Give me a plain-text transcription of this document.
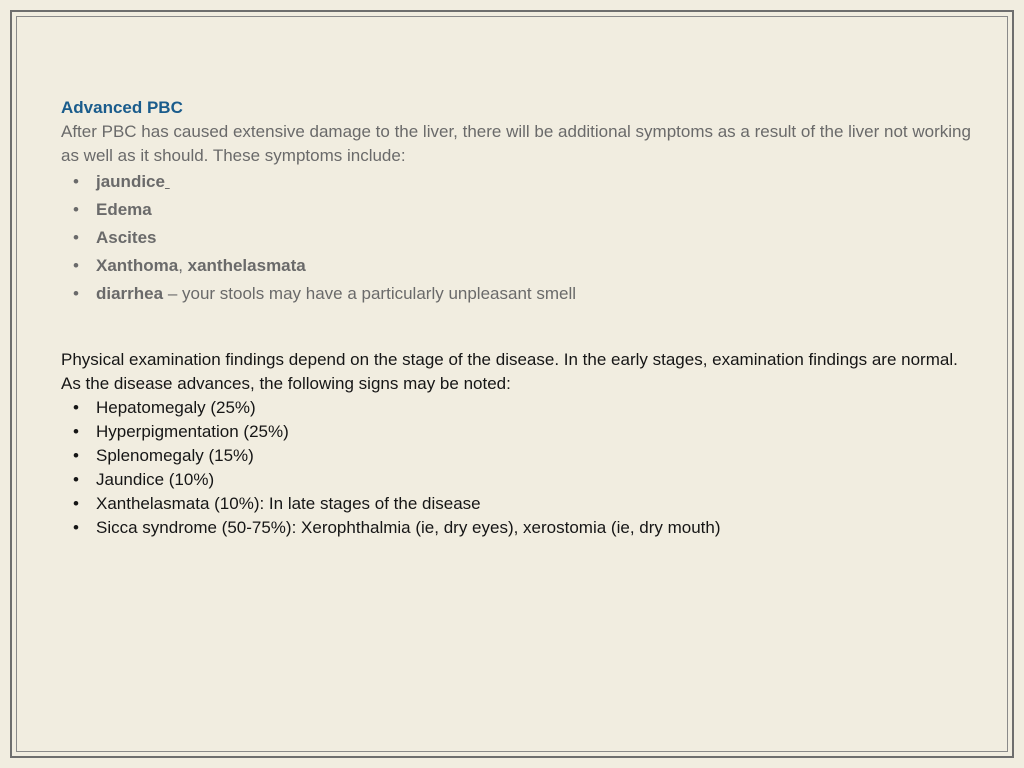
Advanced PBC
After PBC has caused extensive damage to the liver, there will be additional symptoms as a result of the liver not working as well as it should. These symptoms include:
• jaundice
• Edema
• Ascites
• Xanthoma, xanthelasmata
• diarrhea – your stools may have a particularly unpleasant smell
Physical examination findings depend on the stage of the disease. In the early stages, examination findings are normal. As the disease advances, the following signs may be noted:
• Hepatomegaly (25%)
• Hyperpigmentation (25%)
• Splenomegaly (15%)
• Jaundice (10%)
• Xanthelasmata (10%): In late stages of the disease
• Sicca syndrome (50-75%): Xerophthalmia (ie, dry eyes), xerostomia (ie, dry mouth)
